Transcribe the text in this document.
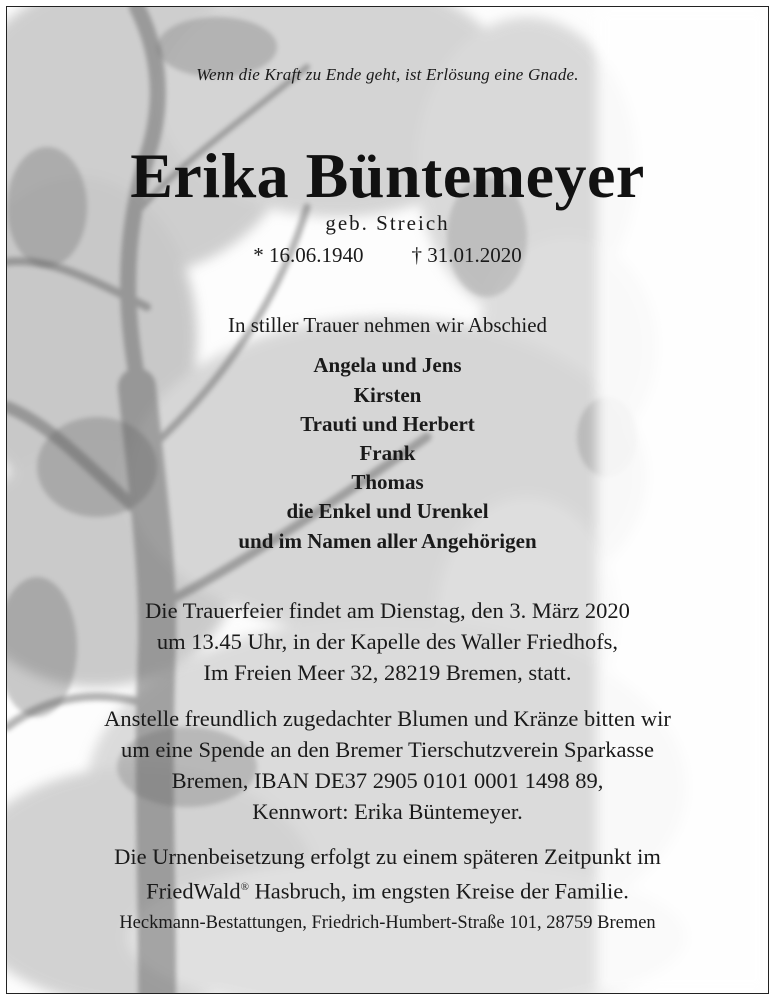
Wenn die Kraft zu Ende geht, ist Erlösung eine Gnade.
Erika Büntemeyer
geb. Streich
* 16.06.1940 † 31.01.2020
In stiller Trauer nehmen wir Abschied
Angela und Jens
Kirsten
Trauti und Herbert
Frank
Thomas
die Enkel und Urenkel
und im Namen aller Angehörigen
Die Trauerfeier findet am Dienstag, den 3. März 2020
um 13.45 Uhr, in der Kapelle des Waller Friedhofs,
Im Freien Meer 32, 28219 Bremen, statt.
Anstelle freundlich zugedachter Blumen und Kränze bitten wir
um eine Spende an den Bremer Tierschutzverein Sparkasse
Bremen, IBAN DE37 2905 0101 0001 1498 89,
Kennwort: Erika Büntemeyer.
Die Urnenbeisetzung erfolgt zu einem späteren Zeitpunkt im
FriedWald® Hasbruch, im engsten Kreise der Familie.
Heckmann-Bestattungen, Friedrich-Humbert-Straße 101, 28759 Bremen
